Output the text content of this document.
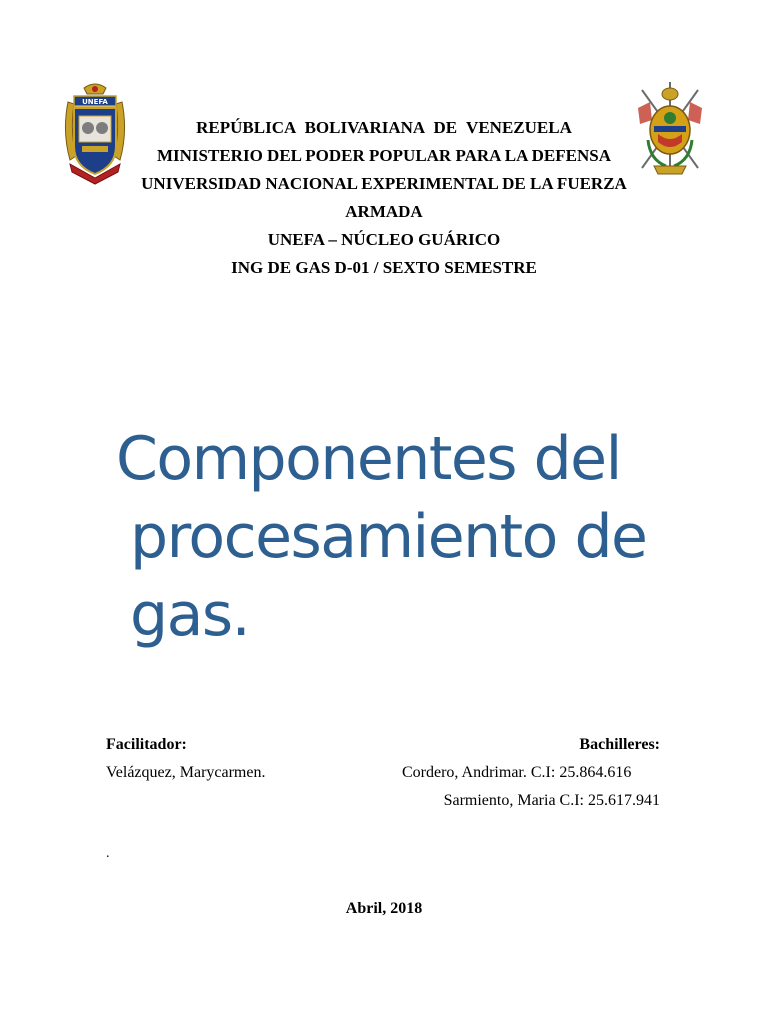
UNEFA
REPÚBLICA BOLIVARIANA DE VENEZUELA
MINISTERIO DEL PODER POPULAR PARA LA DEFENSA
UNIVERSIDAD NACIONAL EXPERIMENTAL DE LA FUERZA
ARMADA
UNEFA – NÚCLEO GUÁRICO
ING DE GAS D-01 / SEXTO SEMESTRE
Componentes del
procesamiento de gas.
Facilitador:
Velázquez, Marycarmen.
Bachilleres:
Cordero, Andrimar. C.I: 25.864.616
Sarmiento, Maria C.I: 25.617.941
.
Abril, 2018
